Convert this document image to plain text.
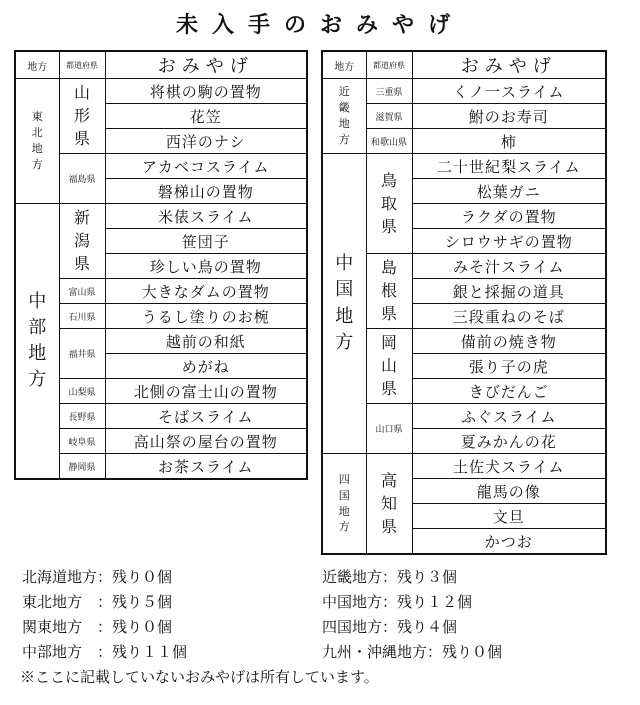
未入手のおみやげ
地方	都道府県	おみやげ
東北地方	山形県	将棋の駒の置物
		花笠
		西洋のナシ
	福島県	アカベコスライム
		磐梯山の置物
中部地方	新潟県	米俵スライム
		笹団子
		珍しい鳥の置物
	富山県	大きなダムの置物
	石川県	うるし塗りのお椀
	福井県	越前の和紙
		めがね
	山梨県	北側の富士山の置物
	長野県	そばスライム
	岐阜県	高山祭の屋台の置物
	静岡県	お茶スライム
地方	都道府県	おみやげ
近畿地方	三重県	くノ一スライム
	滋賀県	鮒のお寿司
	和歌山県	柿
中国地方	鳥取県	二十世紀梨スライム
		松葉ガニ
		ラクダの置物
		シロウサギの置物
	島根県	みそ汁スライム
		銀と採掘の道具
		三段重ねのそば
	岡山県	備前の焼き物
		張り子の虎
		きびだんご
	山口県	ふぐスライム
		夏みかんの花
四国地方	高知県	土佐犬スライム
		龍馬の像
		文旦
		かつお
北海道地方：残り０個	近畿地方：残り３個
東北地方　：残り５個	中国地方：残り１２個
関東地方　：残り０個	四国地方：残り４個
中部地方　：残り１１個	九州・沖縄地方：残り０個
※ここに記載していないおみやげは所有しています。
